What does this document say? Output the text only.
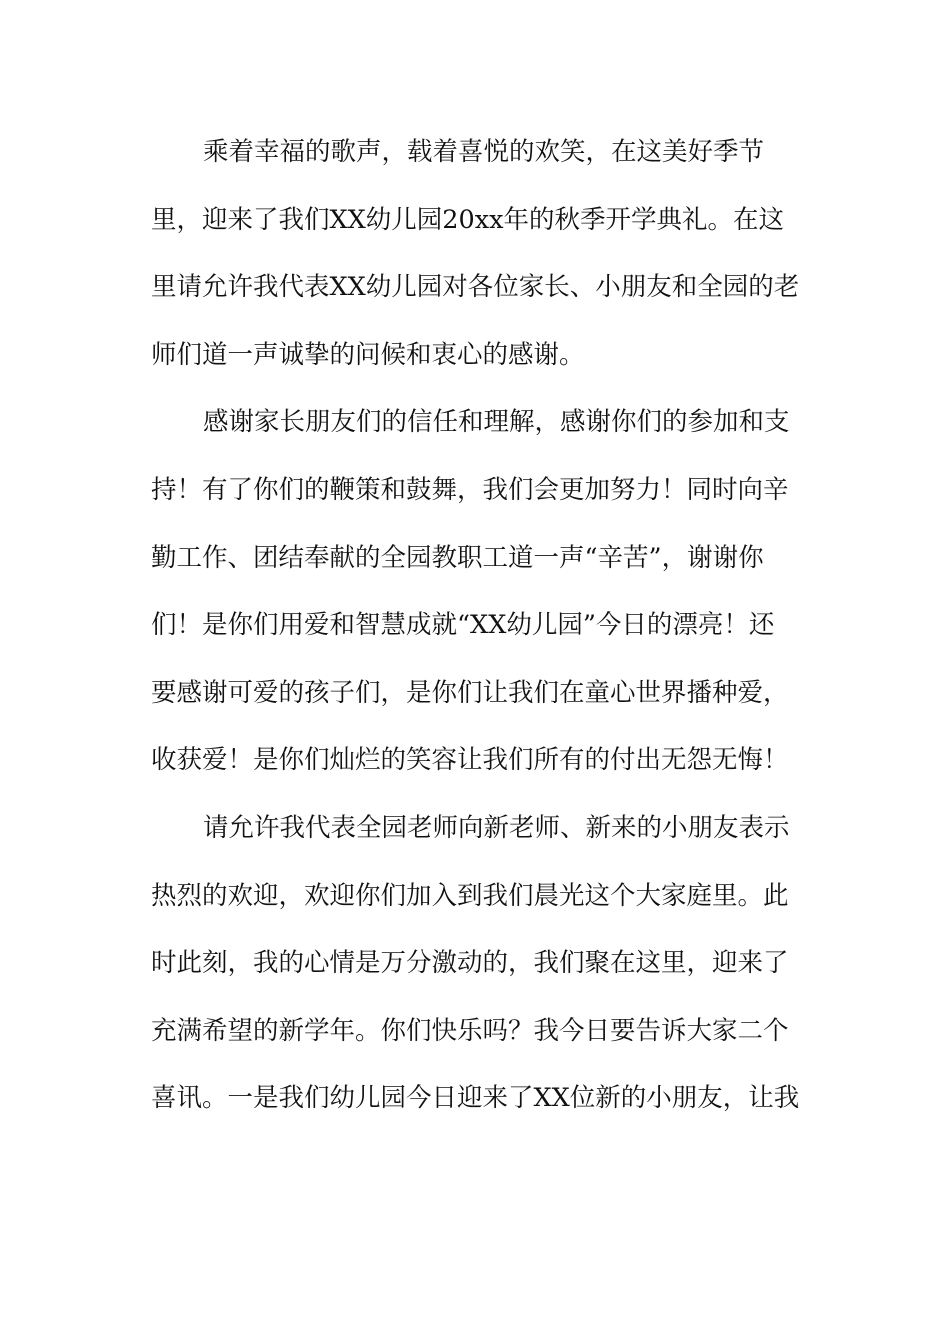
乘着幸福的歌声，载着喜悦的欢笑，在这美好季节
里，迎来了我们XX幼儿园20xx年的秋季开学典礼。在这
里请允许我代表XX幼儿园对各位家长、小朋友和全园的老
师们道一声诚挚的问候和衷心的感谢。
感谢家长朋友们的信任和理解，感谢你们的参加和支
持！有了你们的鞭策和鼓舞，我们会更加努力！同时向辛
勤工作、团结奉献的全园教职工道一声“辛苦”，谢谢你
们！是你们用爱和智慧成就“XX幼儿园”今日的漂亮！还
要感谢可爱的孩子们，是你们让我们在童心世界播种爱，
收获爱！是你们灿烂的笑容让我们所有的付出无怨无悔！
请允许我代表全园老师向新老师、新来的小朋友表示
热烈的欢迎，欢迎你们加入到我们晨光这个大家庭里。此
时此刻，我的心情是万分激动的，我们聚在这里，迎来了
充满希望的新学年。你们快乐吗？我今日要告诉大家二个
喜讯。一是我们幼儿园今日迎来了XX位新的小朋友，让我
